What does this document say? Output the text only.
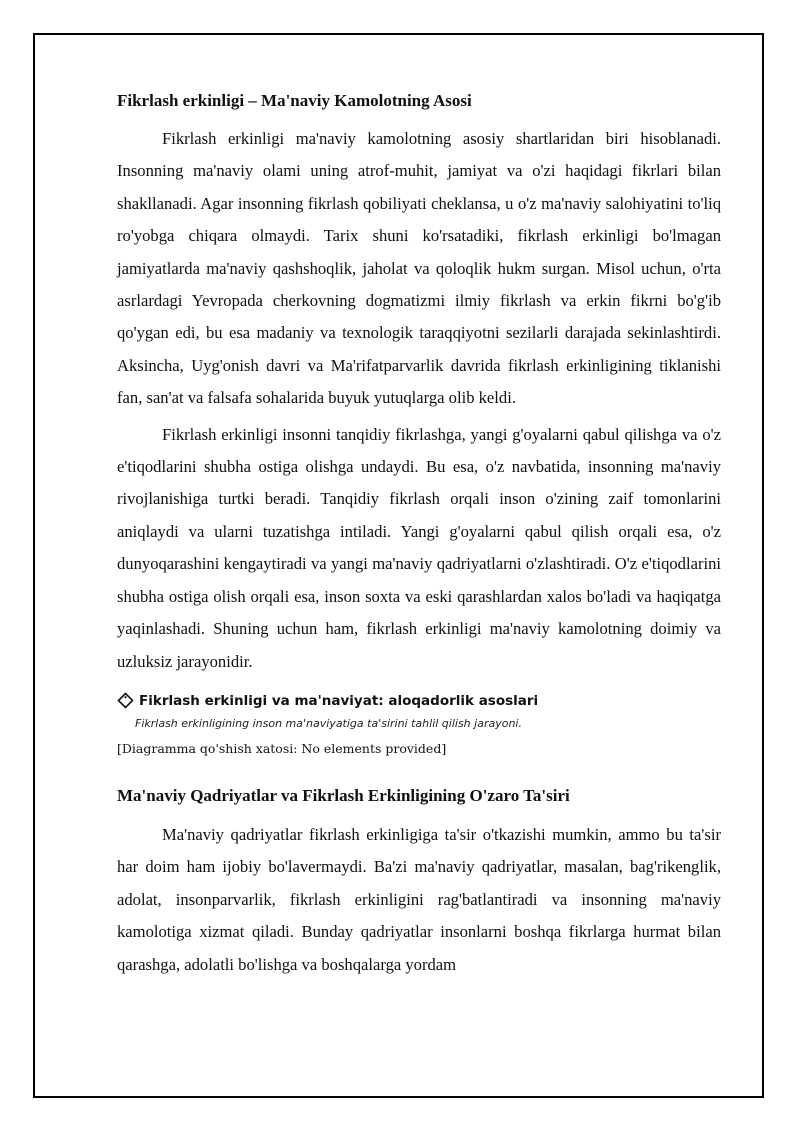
Fikrlash erkinligi – Ma'naviy Kamolotning Asosi

Fikrlash erkinligi ma'naviy kamolotning asosiy shartlaridan biri hisoblanadi. Insonning ma'naviy olami uning atrof-muhit, jamiyat va o'zi haqidagi fikrlari bilan shakllanadi. Agar insonning fikrlash qobiliyati cheklansa, u o'z ma'naviy salohiyatini to'liq ro'yobga chiqara olmaydi. Tarix shuni ko'rsatadiki, fikrlash erkinligi bo'lmagan jamiyatlarda ma'naviy qashshoqlik, jaholat va qoloqlik hukm surgan. Misol uchun, o'rta asrlardagi Yevropada cherkovning dogmatizmi ilmiy fikrlash va erkin fikrni bo'g'ib qo'ygan edi, bu esa madaniy va texnologik taraqqiyotni sezilarli darajada sekinlashtirdi. Aksincha, Uyg'onish davri va Ma'rifatparvarlik davrida fikrlash erkinligining tiklanishi fan, san'at va falsafa sohalarida buyuk yutuqlarga olib keldi.

Fikrlash erkinligi insonni tanqidiy fikrlashga, yangi g'oyalarni qabul qilishga va o'z e'tiqodlarini shubha ostiga olishga undaydi. Bu esa, o'z navbatida, insonning ma'naviy rivojlanishiga turtki beradi. Tanqidiy fikrlash orqali inson o'zining zaif tomonlarini aniqlaydi va ularni tuzatishga intiladi. Yangi g'oyalarni qabul qilish orqali esa, o'z dunyoqarashini kengaytiradi va yangi ma'naviy qadriyatlarni o'zlashtiradi. O'z e'tiqodlarini shubha ostiga olish orqali esa, inson soxta va eski qarashlardan xalos bo'ladi va haqiqatga yaqinlashadi. Shuning uchun ham, fikrlash erkinligi ma'naviy kamolotning doimiy va uzluksiz jarayonidir.

Fikrlash erkinligi va ma'naviyat: aloqadorlik asoslari
Fikrlash erkinligining inson ma'naviyatiga ta'sirini tahlil qilish jarayoni.
[Diagramma qo'shish xatosi: No elements provided]
Ma'naviy Qadriyatlar va Fikrlash Erkinligining O'zaro Ta'siri

Ma'naviy qadriyatlar fikrlash erkinligiga ta'sir o'tkazishi mumkin, ammo bu ta'sir har doim ham ijobiy bo'lavermaydi. Ba'zi ma'naviy qadriyatlar, masalan, bag'rikenglik, adolat, insonparvarlik, fikrlash erkinligini rag'batlantiradi va insonning ma'naviy kamolotiga xizmat qiladi. Bunday qadriyatlar insonlarni boshqa fikrlarga hurmat bilan qarashga, adolatli bo'lishga va boshqalarga yordam
